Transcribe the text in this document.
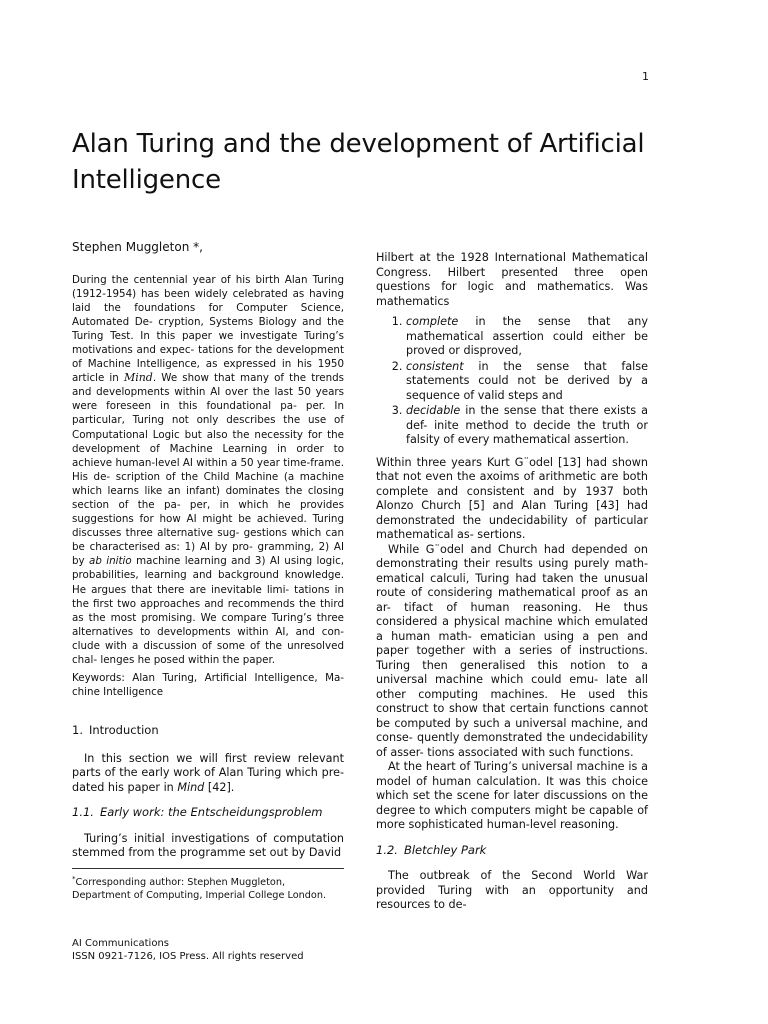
1
Alan Turing and the development of Artificial Intelligence
Stephen Muggleton *,

During the centennial year of his birth Alan Turing (1912-1954) has been widely celebrated as having laid the foundations for Computer Science, Automated De- cryption, Systems Biology and the Turing Test. In this paper we investigate Turing’s motivations and expec- tations for the development of Machine Intelligence, as expressed in his 1950 article in Mind. We show that many of the trends and developments within AI over the last 50 years were foreseen in this foundational pa- per. In particular, Turing not only describes the use of Computational Logic but also the necessity for the development of Machine Learning in order to achieve human-level AI within a 50 year time-frame. His de- scription of the Child Machine (a machine which learns like an infant) dominates the closing section of the pa- per, in which he provides suggestions for how AI might be achieved. Turing discusses three alternative sug- gestions which can be characterised as: 1) AI by pro- gramming, 2) AI by ab initio machine learning and 3) AI using logic, probabilities, learning and background knowledge. He argues that there are inevitable limi- tations in the first two approaches and recommends the third as the most promising. We compare Turing’s three alternatives to developments within AI, and con- clude with a discussion of some of the unresolved chal- lenges he posed within the paper.

Keywords: Alan Turing, Artificial Intelligence, Ma- chine Intelligence

1. Introduction

In this section we will first review relevant parts of the early work of Alan Turing which pre-dated his paper in Mind [42].

1.1. Early work: the Entscheidungsproblem

Turing’s initial investigations of computation stemmed from the programme set out by David

Hilbert at the 1928 International Mathematical Congress. Hilbert presented three open questions for logic and mathematics. Was mathematics

1. complete in the sense that any mathematical assertion could either be proved or disproved,
2. consistent in the sense that false statements could not be derived by a sequence of valid steps and
3. decidable in the sense that there exists a def- inite method to decide the truth or falsity of every mathematical assertion.

Within three years Kurt G¨odel [13] had shown that not even the axoims of arithmetic are both complete and consistent and by 1937 both Alonzo Church [5] and Alan Turing [43] had demonstrated the undecidability of particular mathematical as- sertions.

While G¨odel and Church had depended on demonstrating their results using purely math- ematical calculi, Turing had taken the unusual route of considering mathematical proof as an ar- tifact of human reasoning. He thus considered a physical machine which emulated a human math- ematician using a pen and paper together with a series of instructions. Turing then generalised this notion to a universal machine which could emu- late all other computing machines. He used this construct to show that certain functions cannot be computed by such a universal machine, and conse- quently demonstrated the undecidability of asser- tions associated with such functions.

At the heart of Turing’s universal machine is a model of human calculation. It was this choice which set the scene for later discussions on the degree to which computers might be capable of more sophisticated human-level reasoning.

1.2. Bletchley Park

The outbreak of the Second World War provided Turing with an opportunity and resources to de-

*Corresponding author: Stephen Muggleton, Department of Computing, Imperial College London.
AI Communications
ISSN 0921-7126, IOS Press. All rights reserved
